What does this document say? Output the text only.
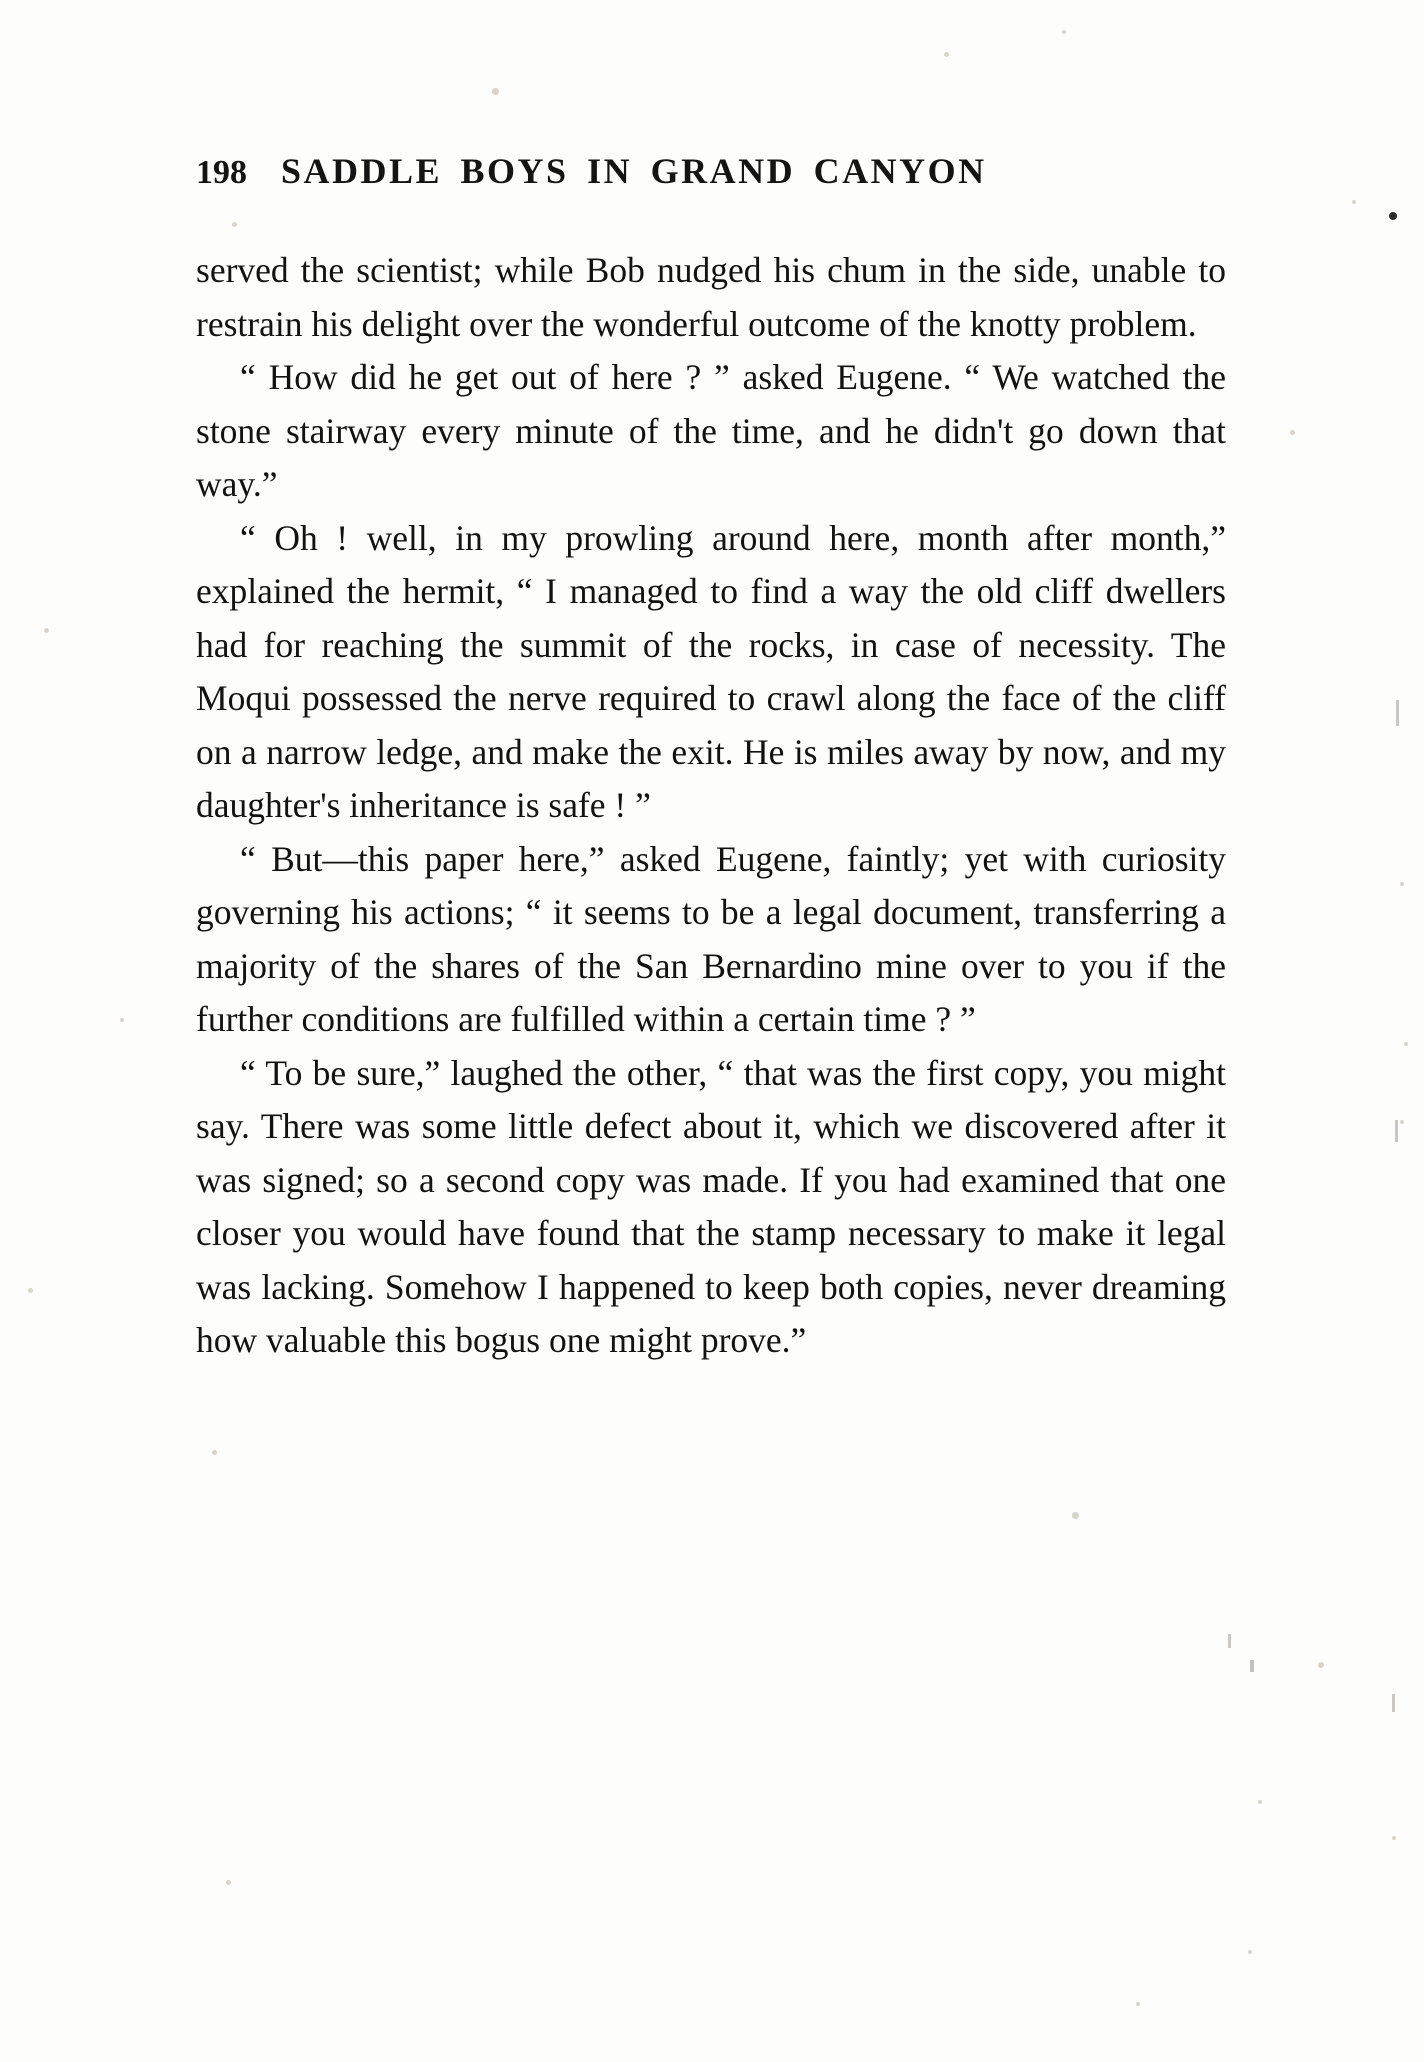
198 SADDLE BOYS IN GRAND CANYON

served the scientist; while Bob nudged his chum in the side, unable to restrain his delight over the wonderful outcome of the knotty problem.

“ How did he get out of here ? ” asked Eugene. “ We watched the stone stairway every minute of the time, and he didn't go down that way.”

“ Oh ! well, in my prowling around here, month after month,” explained the hermit, “ I managed to find a way the old cliff dwellers had for reaching the summit of the rocks, in case of necessity. The Moqui possessed the nerve required to crawl along the face of the cliff on a narrow ledge, and make the exit. He is miles away by now, and my daughter's inheritance is safe ! ”

“ But—this paper here,” asked Eugene, faintly; yet with curiosity governing his actions; “ it seems to be a legal document, transferring a majority of the shares of the San Bernardino mine over to you if the further conditions are fulfilled within a certain time ? ”

“ To be sure,” laughed the other, “ that was the first copy, you might say. There was some little defect about it, which we discovered after it was signed; so a second copy was made. If you had examined that one closer you would have found that the stamp necessary to make it legal was lacking. Somehow I happened to keep both copies, never dreaming how valuable this bogus one might prove.”
